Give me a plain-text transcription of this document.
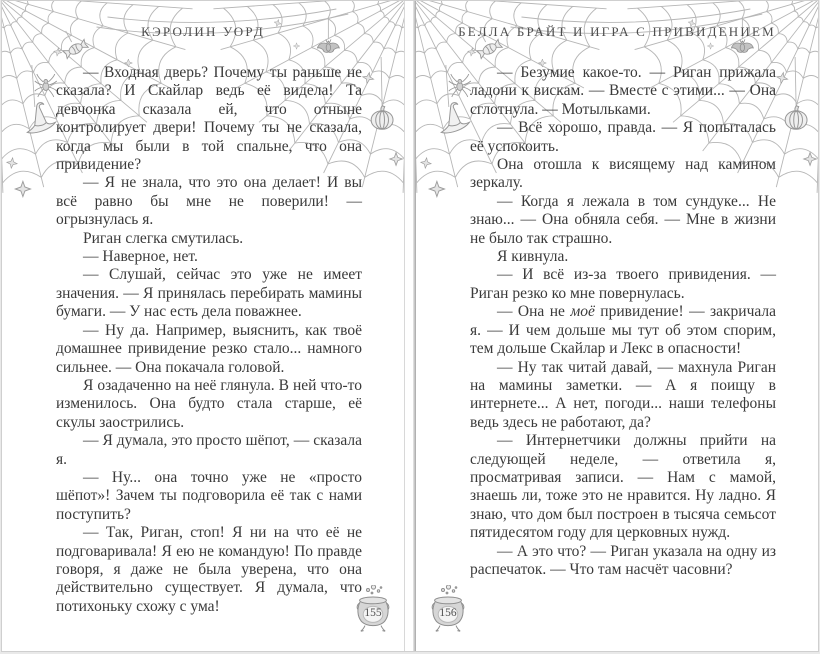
КЭРОЛИН УОРД

— Входная дверь? Почему ты раньше не сказала? И Скайлар ведь её видела! Та девчонка сказала ей, что отныне контролирует двери! Почему ты не сказала, когда мы были в той спальне, что она привидение?

— Я не знала, что это она делает! И вы всё равно бы мне не поверили! — огрызнулась я.

Риган слегка смутилась.

— Наверное, нет.

— Слушай, сейчас это уже не имеет значения. — Я принялась перебирать мамины бумаги. — У нас есть дела поважнее.

— Ну да. Например, выяснить, как твоё домашнее привидение резко стало... намного сильнее. — Она покачала головой.

Я озадаченно на неё глянула. В ней что-то изменилось. Она будто стала старше, её скулы заострились.

— Я думала, это просто шёпот, — сказала я.

— Ну... она точно уже не «просто шёпот»! Зачем ты подговорила её так с нами поступить?

— Так, Риган, стоп! Я ни на что её не подговаривала! Я ею не командую! По правде говоря, я даже не была уверена, что она действительно существует. Я думала, что потихоньку схожу с ума!	155
БЕЛЛА БРАЙТ И ИГРА С ПРИВИДЕНИЕМ

— Безумие какое-то. — Риган прижала ладони к вискам. — Вместе с этими... — Она сглотнула. — Мотыльками.

— Всё хорошо, правда. — Я попыталась её успокоить.

Она отошла к висящему над камином зеркалу.

— Когда я лежала в том сундуке... Не знаю... — Она обняла себя. — Мне в жизни не было так страшно.

Я кивнула.

— И всё из-за твоего привидения. — Риган резко ко мне повернулась.

— Она не моё привидение! — закричала я. — И чем дольше мы тут об этом спорим, тем дольше Скайлар и Лекс в опасности!

— Ну так читай давай, — махнула Риган на мамины заметки. — А я поищу в интернете... А нет, погоди... наши телефоны ведь здесь не работают, да?

— Интернетчики должны прийти на следующей неделе, — ответила я, просматривая записи. — Нам с мамой, знаешь ли, тоже это не нравится. Ну ладно. Я знаю, что дом был построен в тысяча семьсот пятидесятом году для церковных нужд.

— А это что? — Риган указала на одну из распечаток. — Что там насчёт часовни?

156
